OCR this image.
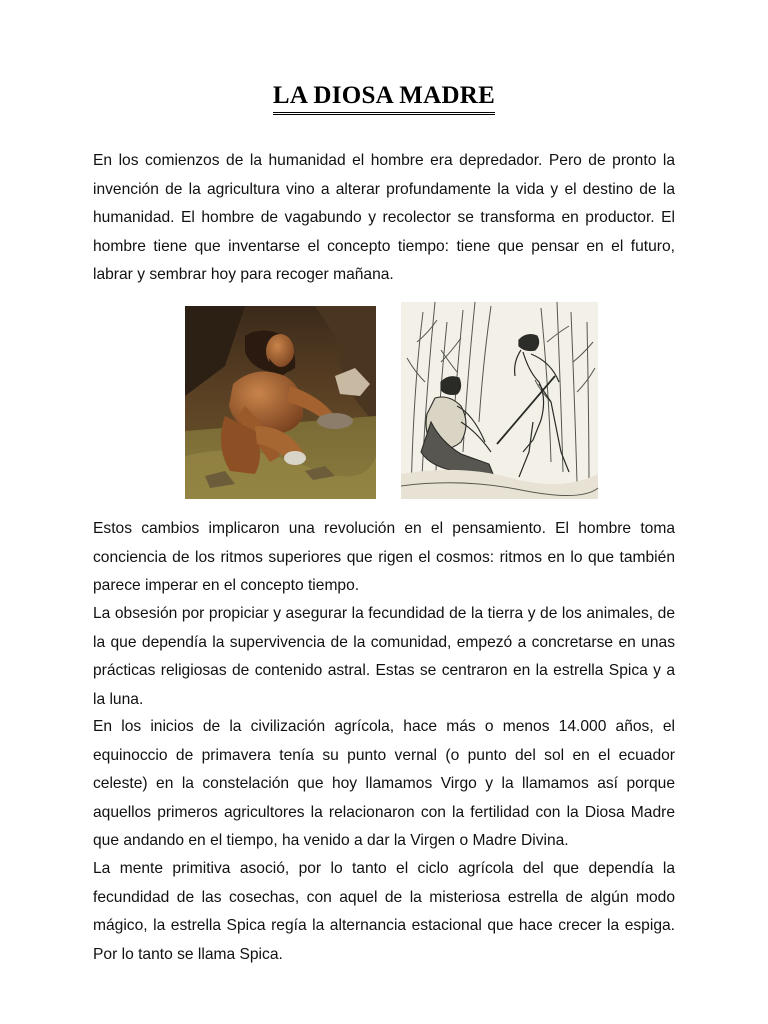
LA DIOSA MADRE

En los comienzos de la humanidad el hombre era depredador. Pero de pronto la invención de la agricultura vino a alterar profundamente la vida y el destino de la humanidad. El hombre de vagabundo y recolector se transforma en productor. El hombre tiene que inventarse el concepto tiempo: tiene que pensar en el futuro, labrar y sembrar hoy para recoger mañana.

Estos cambios implicaron una revolución en el pensamiento. El hombre toma conciencia de los ritmos superiores que rigen el cosmos: ritmos en lo que también parece imperar en el concepto tiempo.

La obsesión por propiciar y asegurar la fecundidad de la tierra y de los animales, de la que dependía la supervivencia de la comunidad, empezó a concretarse en unas prácticas religiosas de contenido astral. Estas se centraron en la estrella Spica y a la luna.

En los inicios de la civilización agrícola, hace más o menos 14.000 años, el equinoccio de primavera tenía su punto vernal (o punto del sol en el ecuador celeste) en la constelación que hoy llamamos Virgo y la llamamos así porque aquellos primeros agricultores la relacionaron con la fertilidad con la Diosa Madre que andando en el tiempo, ha venido a dar la Virgen o Madre Divina.

La mente primitiva asoció, por lo tanto el ciclo agrícola del que dependía la fecundidad de las cosechas, con aquel de la misteriosa estrella de algún modo mágico, la estrella Spica regía la alternancia estacional que hace crecer la espiga. Por lo tanto se llama Spica.
